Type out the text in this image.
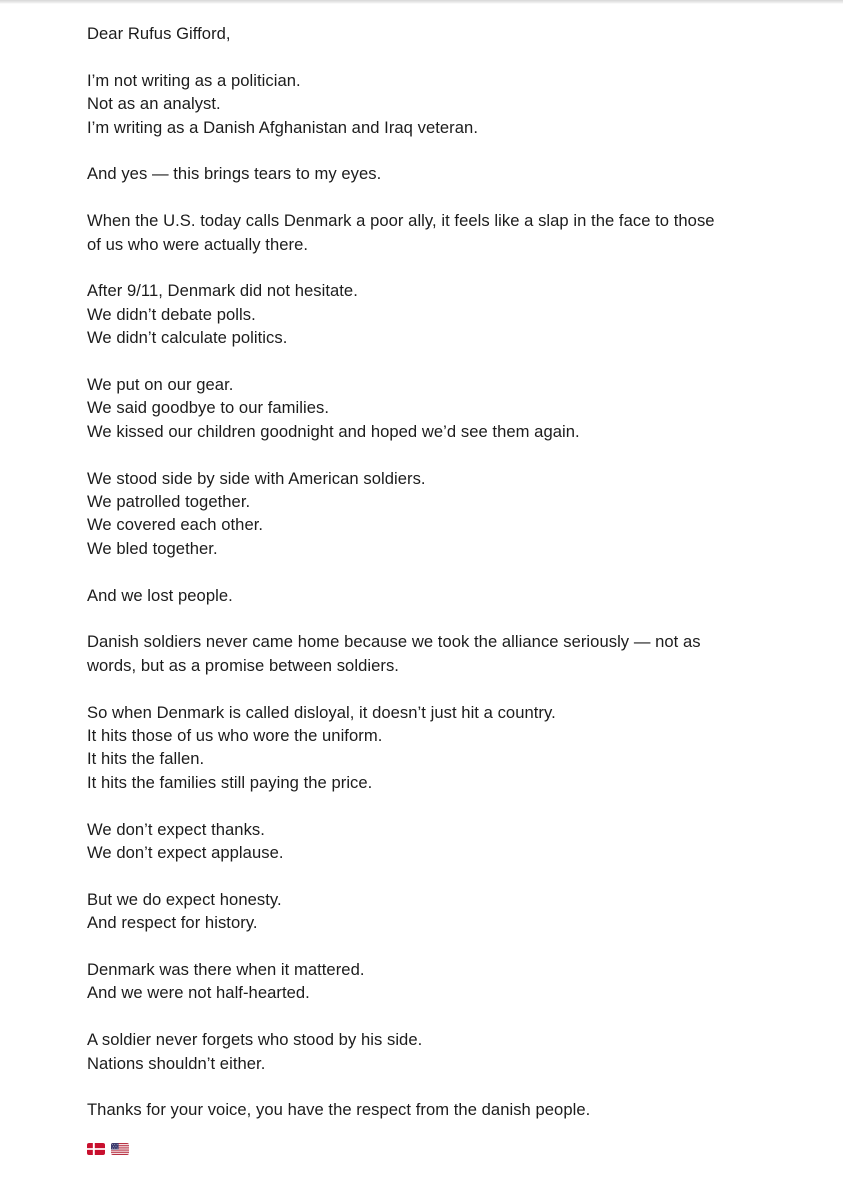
Dear Rufus Gifford,

I’m not writing as a politician.
Not as an analyst.
I’m writing as a Danish Afghanistan and Iraq veteran.

And yes — this brings tears to my eyes.

When the U.S. today calls Denmark a poor ally, it feels like a slap in the face to those
of us who were actually there.

After 9/11, Denmark did not hesitate.
We didn’t debate polls.
We didn’t calculate politics.

We put on our gear.
We said goodbye to our families.
We kissed our children goodnight and hoped we’d see them again.

We stood side by side with American soldiers.
We patrolled together.
We covered each other.
We bled together.

And we lost people.

Danish soldiers never came home because we took the alliance seriously — not as
words, but as a promise between soldiers.

So when Denmark is called disloyal, it doesn’t just hit a country.
It hits those of us who wore the uniform.
It hits the fallen.
It hits the families still paying the price.

We don’t expect thanks.
We don’t expect applause.

But we do expect honesty.
And respect for history.

Denmark was there when it mattered.
And we were not half-hearted.

A soldier never forgets who stood by his side.
Nations shouldn’t either.

Thanks for your voice, you have the respect from the danish people.
